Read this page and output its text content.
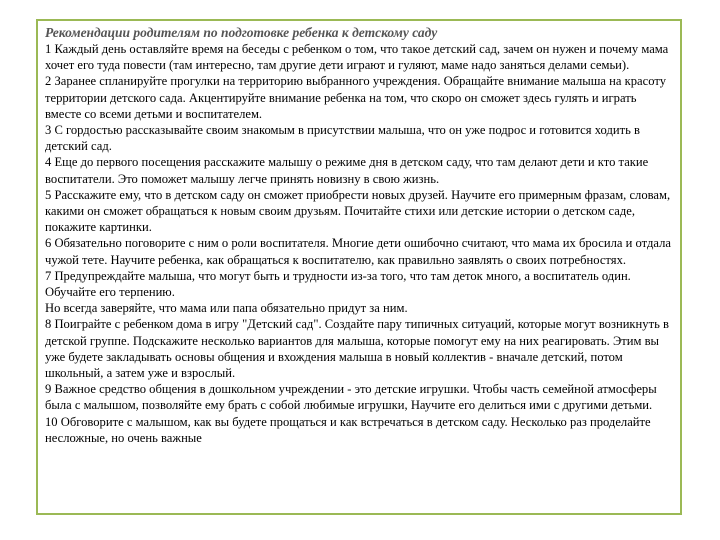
Рекомендации родителям по подготовке ребенка к детскому саду

1 Каждый день оставляйте время на беседы с ребенком о том, что такое детский сад, зачем он нужен и почему мама хочет его туда повести (там интересно, там другие дети играют и гуляют, маме надо заняться делами семьи).

2 Заранее спланируйте прогулки на территорию выбранного учреждения. Обращайте внимание малыша на красоту территории детского сада. Акцентируйте внимание ребенка на том, что скоро он сможет здесь гулять и играть вместе со всеми детьми и воспитателем.

3 С гордостью рассказывайте своим знакомым в присутствии малыша, что он уже подрос и готовится ходить в детский сад.

4 Еще до первого посещения расскажите малышу о режиме дня в детском саду, что там делают дети и кто такие воспитатели. Это поможет малышу легче принять новизну в свою жизнь.

5 Расскажите ему, что в детском саду он сможет приобрести новых друзей. Научите его примерным фразам, словам, какими он сможет обращаться к новым своим друзьям. Почитайте стихи или детские истории о детском саде, покажите картинки.

6 Обязательно поговорите с ним о роли воспитателя. Многие дети ошибочно считают, что мама их бросила и отдала чужой тете. Научите ребенка, как обращаться к воспитателю, как правильно заявлять о своих потребностях.

7 Предупреждайте малыша, что могут быть и трудности из-за того, что там деток много, а воспитатель один. Обучайте его терпению.

Но всегда заверяйте, что мама или папа обязательно придут за ним.

8 Поиграйте с ребенком дома в игру "Детский сад". Создайте пару типичных ситуаций, которые могут возникнуть в детской группе. Подскажите несколько вариантов для малыша, которые помогут ему на них реагировать. Этим вы уже будете закладывать основы общения и вхождения малыша в новый коллектив - вначале детский, потом школьный, а затем уже и взрослый.

9 Важное средство общения в дошкольном учреждении - это детские игрушки. Чтобы часть семейной атмосферы была с малышом, позволяйте ему брать с собой любимые игрушки, Научите его делиться ими с другими детьми.

10 Обговорите с малышом, как вы будете прощаться и как встречаться в детском саду. Несколько раз проделайте несложные, но очень важные
